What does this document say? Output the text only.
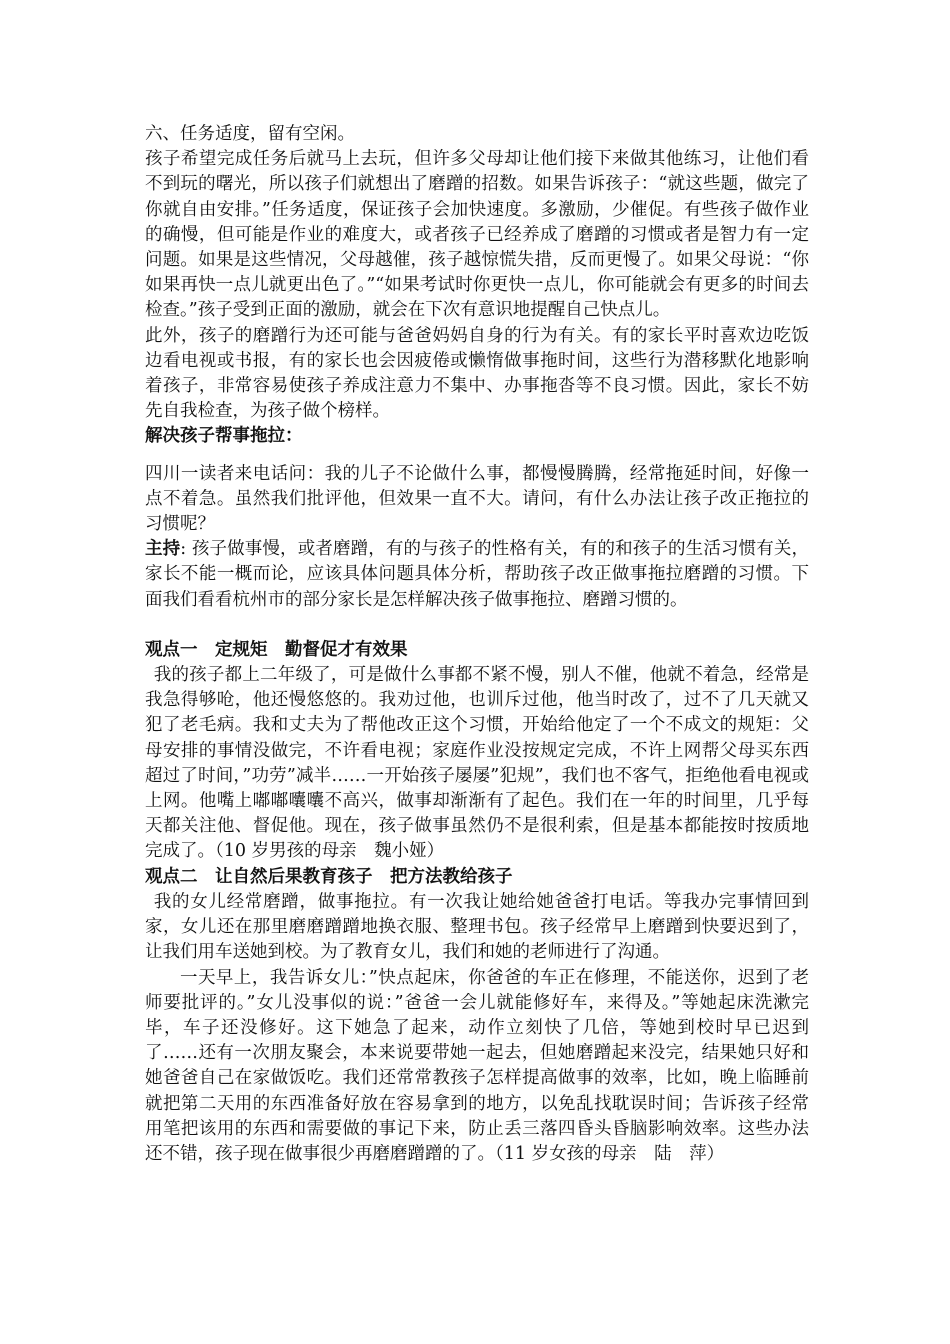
六、任务适度，留有空闲。

孩子希望完成任务后就马上去玩，但许多父母却让他们接下来做其他练习，让他们看不到玩的曙光，所以孩子们就想出了磨蹭的招数。如果告诉孩子：“就这些题，做完了你就自由安排。”任务适度，保证孩子会加快速度。多激励，少催促。有些孩子做作业的确慢，但可能是作业的难度大，或者孩子已经养成了磨蹭的习惯或者是智力有一定问题。如果是这些情况，父母越催，孩子越惊慌失措，反而更慢了。如果父母说：“你如果再快一点儿就更出色了。”“如果考试时你更快一点儿，你可能就会有更多的时间去检查。”孩子受到正面的激励，就会在下次有意识地提醒自己快点儿。

此外，孩子的磨蹭行为还可能与爸爸妈妈自身的行为有关。有的家长平时喜欢边吃饭边看电视或书报，有的家长也会因疲倦或懒惰做事拖时间，这些行为潜移默化地影响着孩子，非常容易使孩子养成注意力不集中、办事拖沓等不良习惯。因此，家长不妨先自我检查，为孩子做个榜样。

解决孩子帮事拖拉：

四川一读者来电话问：我的儿子不论做什么事，都慢慢腾腾，经常拖延时间，好像一点不着急。虽然我们批评他，但效果一直不大。请问，有什么办法让孩子改正拖拉的习惯呢？

主持: 孩子做事慢，或者磨蹭，有的与孩子的性格有关，有的和孩子的生活习惯有关，家长不能一概而论，应该具体问题具体分析，帮助孩子改正做事拖拉磨蹭的习惯。下面我们看看杭州市的部分家长是怎样解决孩子做事拖拉、磨蹭习惯的。

观点一　定规矩　勤督促才有效果

我的孩子都上二年级了，可是做什么事都不紧不慢，别人不催，他就不着急，经常是我急得够呛，他还慢悠悠的。我劝过他，也训斥过他，他当时改了，过不了几天就又犯了老毛病。我和丈夫为了帮他改正这个习惯，开始给他定了一个不成文的规矩：父母安排的事情没做完，不许看电视；家庭作业没按规定完成，不许上网帮父母买东西超过了时间，”功劳”减半……一开始孩子屡屡”犯规”，我们也不客气，拒绝他看电视或上网。他嘴上嘟嘟囔囔不高兴，做事却渐渐有了起色。我们在一年的时间里，几乎每天都关注他、督促他。现在，孩子做事虽然仍不是很利索，但是基本都能按时按质地完成了。（10 岁男孩的母亲　魏小娅）

观点二　让自然后果教育孩子　把方法教给孩子

我的女儿经常磨蹭，做事拖拉。有一次我让她给她爸爸打电话。等我办完事情回到家，女儿还在那里磨磨蹭蹭地换衣服、整理书包。孩子经常早上磨蹭到快要迟到了，让我们用车送她到校。为了教育女儿，我们和她的老师进行了沟通。

一天早上，我告诉女儿：”快点起床，你爸爸的车正在修理，不能送你，迟到了老师要批评的。”女儿没事似的说：”爸爸一会儿就能修好车，来得及。”等她起床洗漱完毕，车子还没修好。这下她急了起来，动作立刻快了几倍，等她到校时早已迟到了……还有一次朋友聚会，本来说要带她一起去，但她磨蹭起来没完，结果她只好和她爸爸自己在家做饭吃。我们还常常教孩子怎样提高做事的效率，比如，晚上临睡前就把第二天用的东西准备好放在容易拿到的地方，以免乱找耽误时间；告诉孩子经常用笔把该用的东西和需要做的事记下来，防止丢三落四昏头昏脑影响效率。这些办法还不错，孩子现在做事很少再磨磨蹭蹭的了。（11 岁女孩的母亲　陆　萍）
